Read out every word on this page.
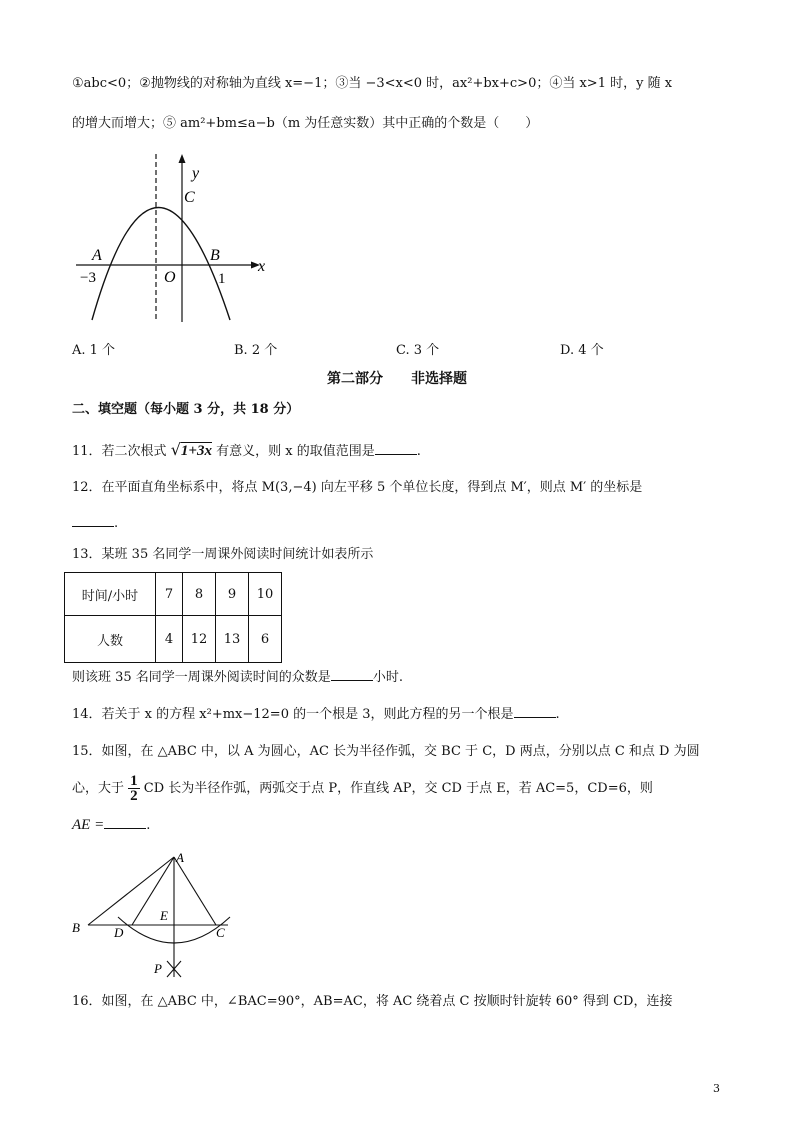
①abc<0；②抛物线的对称轴为直线 x=−1；③当 −3<x<0 时，ax²+bx+c>0；④当 x>1 时，y 随 x
的增大而增大；⑤ am²+bm≤a−b（m 为任意实数）其中正确的个数是（　　）
y
C
A	B
x
−3	O	1
A. 1 个	B. 2 个	C. 3 个	D. 4 个
第二部分　　非选择题
二、填空题（每小题 3 分，共 18 分）
11．若二次根式 √1+3x 有意义，则 x 的取值范围是	.
12．在平面直角坐标系中，将点 M(3,−4) 向左平移 5 个单位长度，得到点 M′，则点 M′ 的坐标是
.
13．某班 35 名同学一周课外阅读时间统计如表所示
时间/小时	7	8	9	10
人数	4	12	13	6
则该班 35 名同学一周课外阅读时间的众数是	小时.
14．若关于 x 的方程 x²+mx−12=0 的一个根是 3，则此方程的另一个根是	.
15．如图，在 △ABC 中，以 A 为圆心，AC 长为半径作弧，交 BC 于 C，D 两点，分别以点 C 和点 D 为圆
心，大于 $\frac{1}{2}$ CD 长为半径作弧，两弧交于点 P，作直线 AP，交 CD 于点 E，若 AC=5，CD=6，则
AE =	.
A
B	C
D
E
P
16．如图，在 △ABC 中，∠BAC=90°，AB=AC，将 AC 绕着点 C 按顺时针旋转 60° 得到 CD，连接
3
